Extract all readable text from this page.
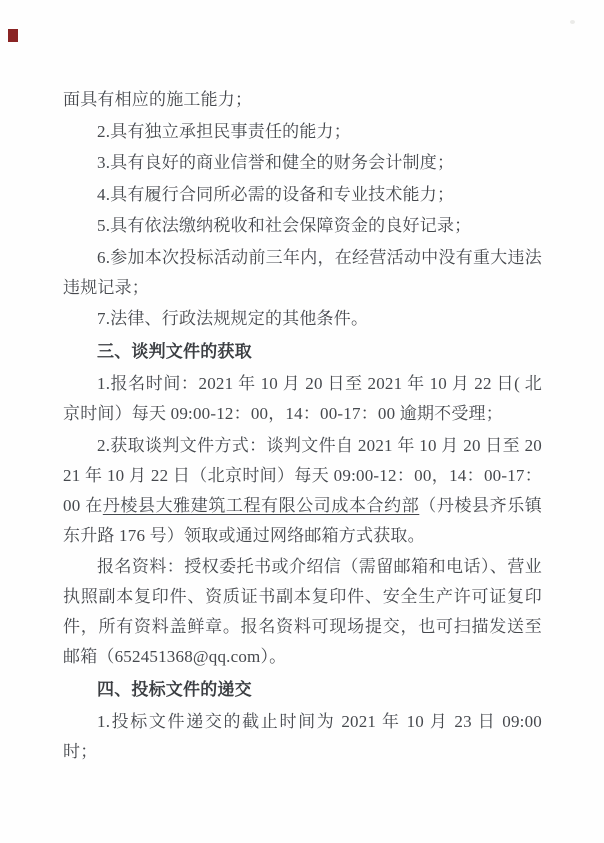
面具有相应的施工能力；

2.具有独立承担民事责任的能力；

3.具有良好的商业信誉和健全的财务会计制度；

4.具有履行合同所必需的设备和专业技术能力；

5.具有依法缴纳税收和社会保障资金的良好记录；

6.参加本次投标活动前三年内，在经营活动中没有重大违法违规记录；

7.法律、行政法规规定的其他条件。

三、谈判文件的获取

1.报名时间：2021 年 10 月 20 日至 2021 年 10 月 22 日( 北京时间）每天 09:00-12：00，14：00-17：00 逾期不受理；

2.获取谈判文件方式：谈判文件自 2021 年 10 月 20 日至 2021 年 10 月 22 日（北京时间）每天 09:00-12：00，14：00-17：00 在丹棱县大雅建筑工程有限公司成本合约部（丹棱县齐乐镇东升路 176 号）领取或通过网络邮箱方式获取。

报名资料：授权委托书或介绍信（需留邮箱和电话）、营业执照副本复印件、资质证书副本复印件、安全生产许可证复印件，所有资料盖鲜章。报名资料可现场提交，也可扫描发送至邮箱（652451368@qq.com）。

四、投标文件的递交

1.投标文件递交的截止时间为 2021 年 10 月 23 日 09:00 时；
